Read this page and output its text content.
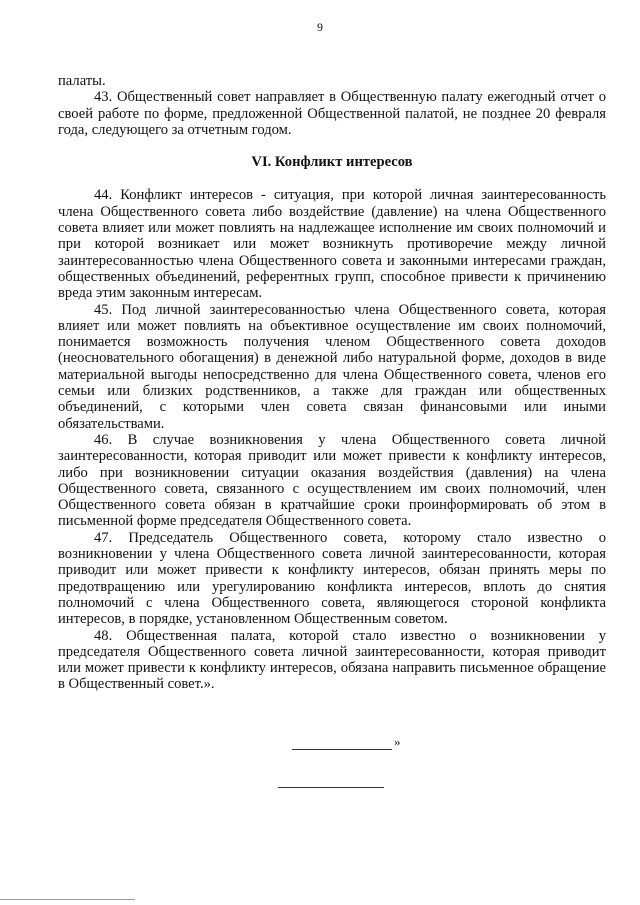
9

палаты.

43. Общественный совет направляет в Общественную палату ежегодный отчет о своей работе по форме, предложенной Общественной палатой, не позднее 20 февраля года, следующего за отчетным годом.

VI. Конфликт интересов

44. Конфликт интересов - ситуация, при которой личная заинтересованность члена Общественного совета либо воздействие (давление) на члена Общественного совета влияет или может повлиять на надлежащее исполнение им своих полномочий и при которой возникает или может возникнуть противоречие между личной заинтересованностью члена Общественного совета и законными интересами граждан, общественных объединений, референтных групп, способное привести к причинению вреда этим законным интересам.

45. Под личной заинтересованностью члена Общественного совета, которая влияет или может повлиять на объективное осуществление им своих полномочий, понимается возможность получения членом Общественного совета доходов (неосновательного обогащения) в денежной либо натуральной форме, доходов в виде материальной выгоды непосредственно для члена Общественного совета, членов его семьи или близких родственников, а также для граждан или общественных объединений, с которыми член совета связан финансовыми или иными обязательствами.

46. В случае возникновения у члена Общественного совета личной заинтересованности, которая приводит или может привести к конфликту интересов, либо при возникновении ситуации оказания воздействия (давления) на члена Общественного совета, связанного с осуществлением им своих полномочий, член Общественного совета обязан в кратчайшие сроки проинформировать об этом в письменной форме председателя Общественного совета.

47. Председатель Общественного совета, которому стало известно о возникновении у члена Общественного совета личной заинтересованности, которая приводит или может привести к конфликту интересов, обязан принять меры по предотвращению или урегулированию конфликта интересов, вплоть до снятия полномочий с члена Общественного совета, являющегося стороной конфликта интересов, в порядке, установленном Общественным советом.

48. Общественная палата, которой стало известно о возникновении у председателя Общественного совета личной заинтересованности, которая приводит или может привести к конфликту интересов, обязана направить письменное обращение в Общественный совет.».

»
